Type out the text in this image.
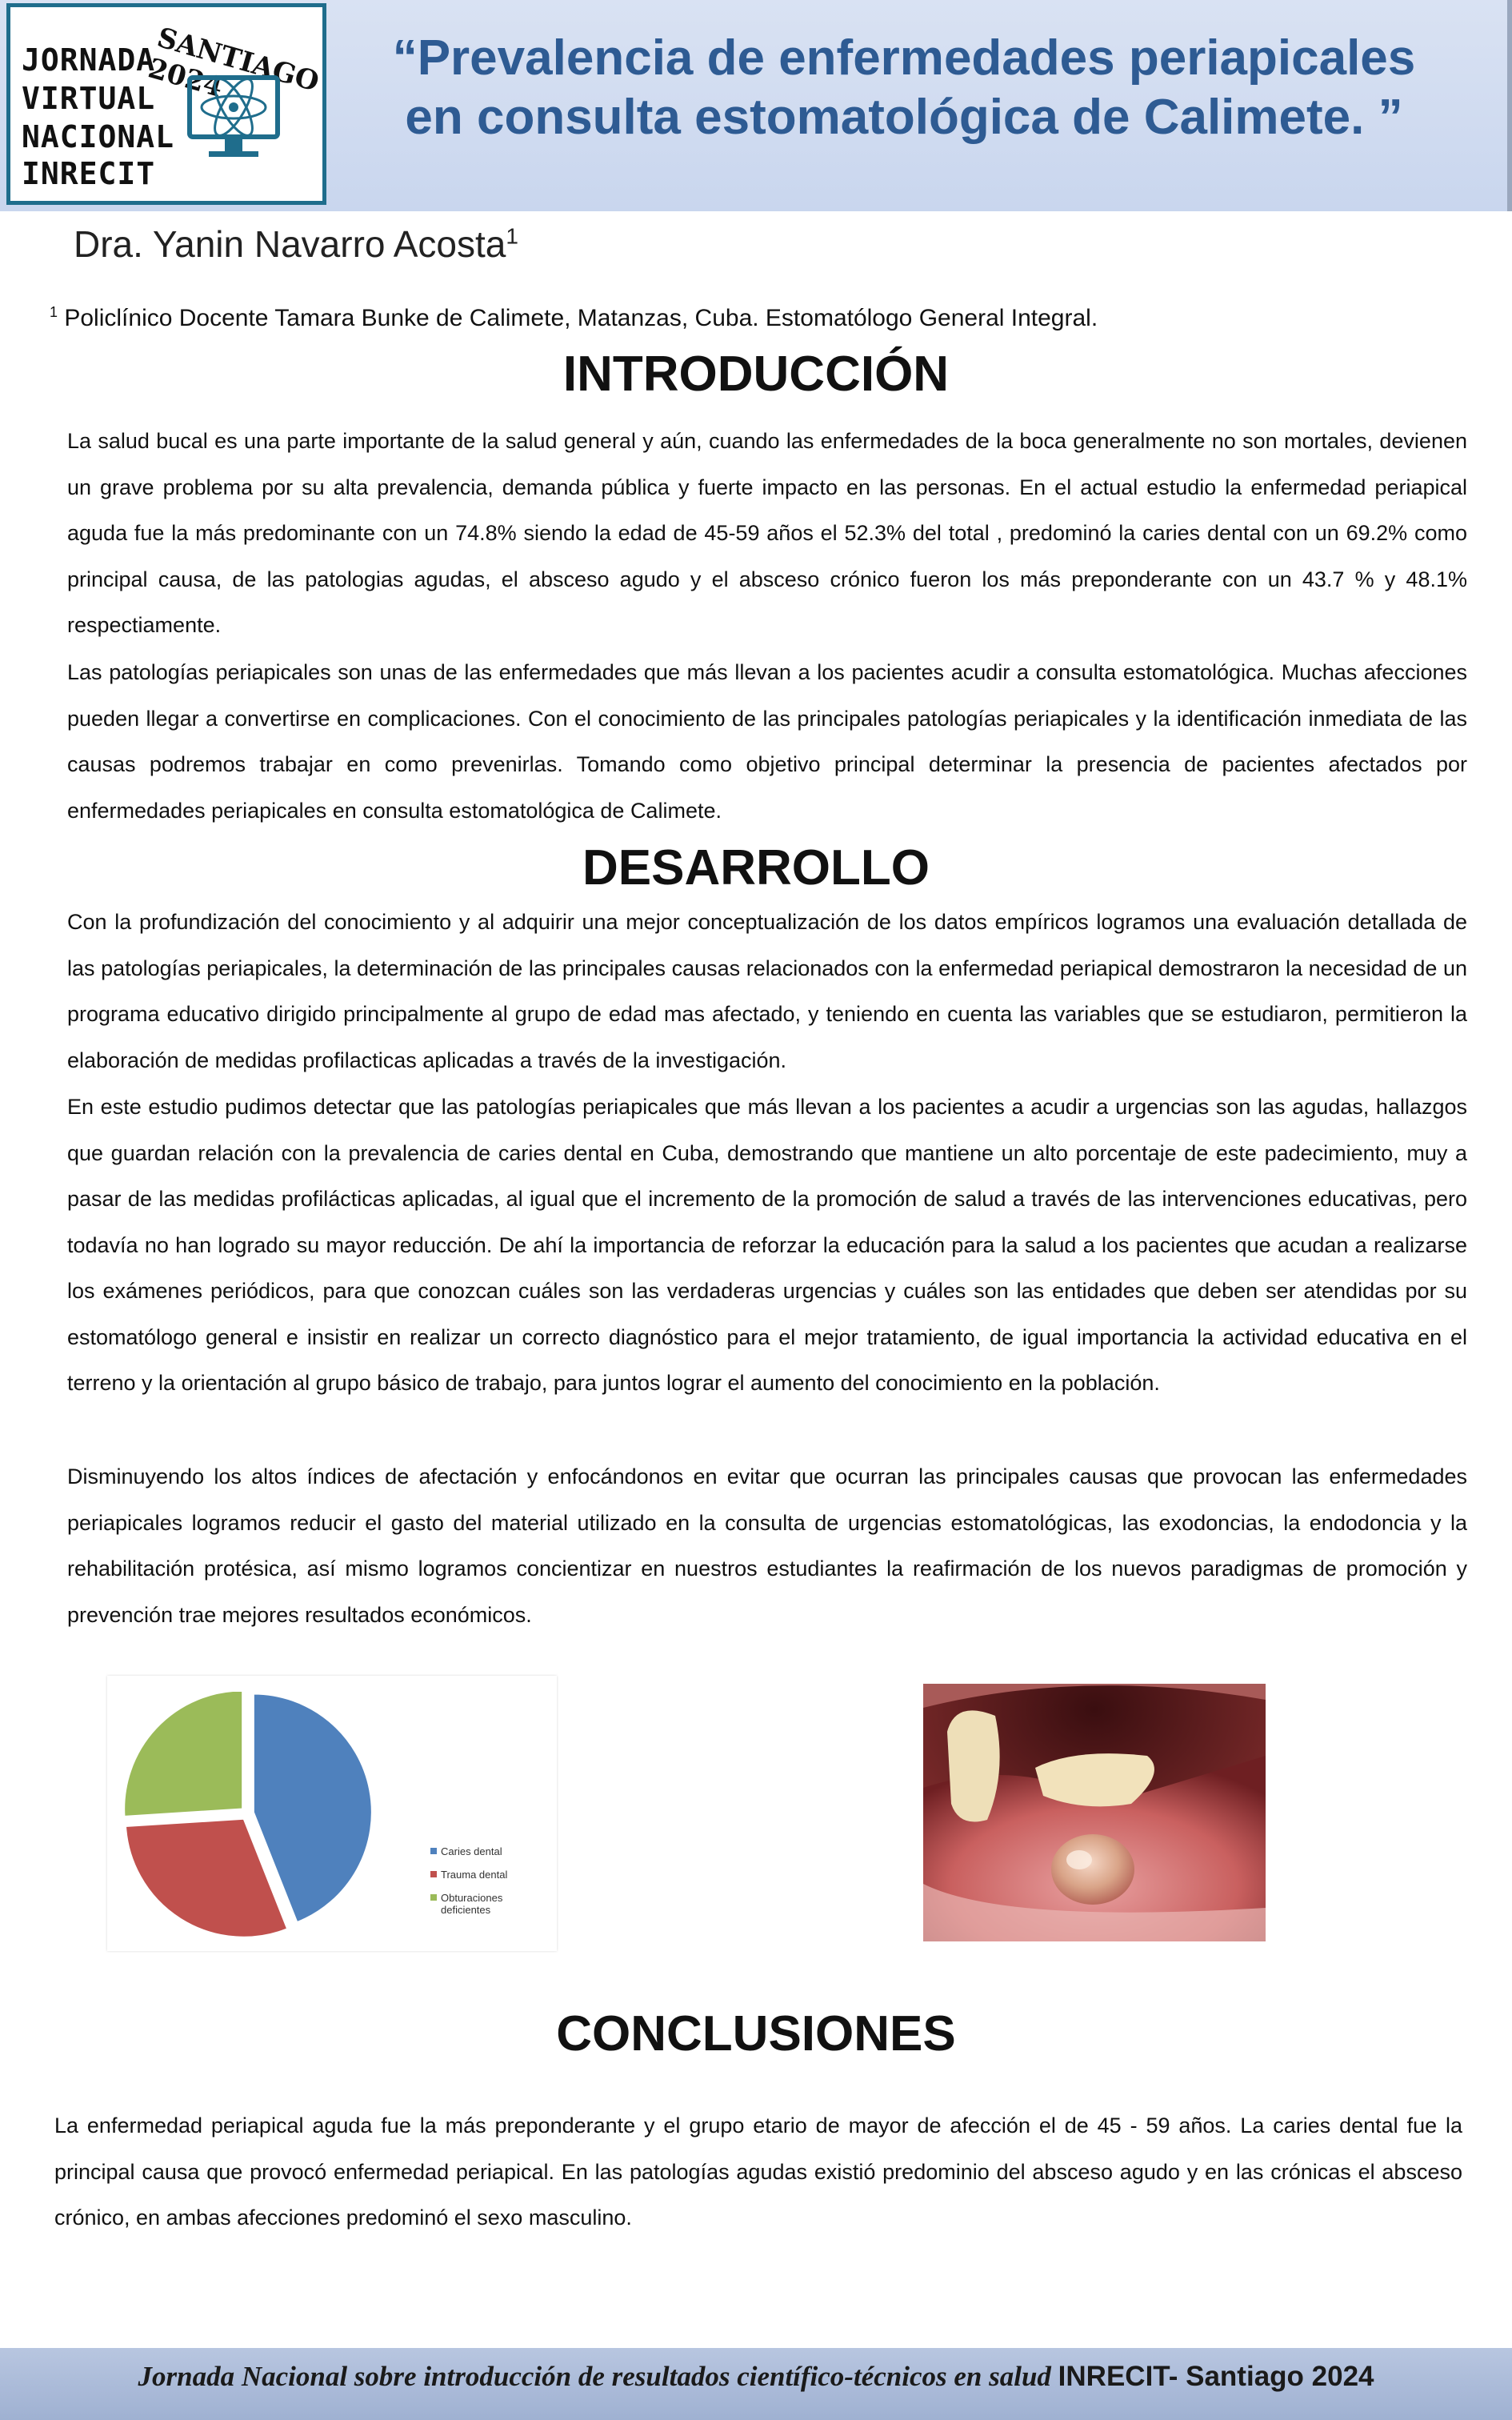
JORNADA
VIRTUAL
NACIONAL
INRECIT
SANTIAGO 2024	“Prevalencia de enfermedades periapicales
en consulta estomatológica de Calimete. ”
Dra. Yanin Navarro Acosta$^1$
$^1$ Policlínico Docente Tamara Bunke de Calimete, Matanzas, Cuba. Estomatólogo General Integral.
INTRODUCCIÓN
La salud bucal es una parte importante de la salud general y aún, cuando las enfermedades de la boca generalmente no son mortales, devienen un grave problema por su alta prevalencia, demanda pública y fuerte impacto en las personas. En el actual estudio la enfermedad periapical aguda fue la más predominante con un 74.8% siendo la edad de 45-59 años el 52.3% del total , predominó la caries dental con un 69.2% como principal causa, de las patologias agudas, el absceso agudo y el absceso crónico fueron los más preponderante con un 43.7 % y 48.1% respectiamente.
Las patologías periapicales son unas de las enfermedades que más llevan a los pacientes acudir a consulta estomatológica. Muchas afecciones pueden llegar a convertirse en complicaciones. Con el conocimiento de las principales patologías periapicales y la identificación inmediata de las causas podremos trabajar en como prevenirlas. Tomando como objetivo principal determinar la presencia de pacientes afectados por enfermedades periapicales en consulta estomatológica de Calimete.
DESARROLLO
Con la profundización del conocimiento y al adquirir una mejor conceptualización de los datos empíricos logramos una evaluación detallada de las patologías periapicales, la determinación de las principales causas relacionados con la enfermedad periapical demostraron la necesidad de un programa educativo dirigido principalmente al grupo de edad mas afectado, y teniendo en cuenta las variables que se estudiaron, permitieron la elaboración de medidas profilacticas aplicadas a través de la investigación.
En este estudio pudimos detectar que las patologías periapicales que más llevan a los pacientes a acudir a urgencias son las agudas, hallazgos que guardan relación con la prevalencia de caries dental en Cuba, demostrando que mantiene un alto porcentaje de este padecimiento, muy a pasar de las medidas profilácticas aplicadas, al igual que el incremento de la promoción de salud a través de las intervenciones educativas, pero todavía no han logrado su mayor reducción. De ahí la importancia de reforzar la educación para la salud a los pacientes que acudan a realizarse los exámenes periódicos, para que conozcan cuáles son las verdaderas urgencias y cuáles son las entidades que deben ser atendidas por su estomatólogo general e insistir en realizar un correcto diagnóstico para el mejor tratamiento, de igual importancia la actividad educativa en el terreno y la orientación al grupo básico de trabajo, para juntos lograr el aumento del conocimiento en la población.
Disminuyendo los altos índices de afectación y enfocándonos en evitar que ocurran las principales causas que provocan las enfermedades periapicales logramos reducir el gasto del material utilizado en la consulta de urgencias estomatológicas, las exodoncias, la endodoncia y la rehabilitación protésica, así mismo logramos concientizar en nuestros estudiantes la reafirmación de los nuevos paradigmas de promoción y prevención trae mejores resultados económicos.
Caries dental
Trauma dental
Obturaciones deficientes
CONCLUSIONES
La enfermedad periapical aguda fue la más preponderante y el grupo etario de mayor de afección el de 45 - 59 años. La caries dental fue la principal causa que provocó enfermedad periapical. En las patologías agudas existió predominio del absceso agudo y en las crónicas el absceso crónico, en ambas afecciones predominó el sexo masculino.
Jornada Nacional sobre introducción de resultados científico-técnicos en salud INRECIT- Santiago 2024
